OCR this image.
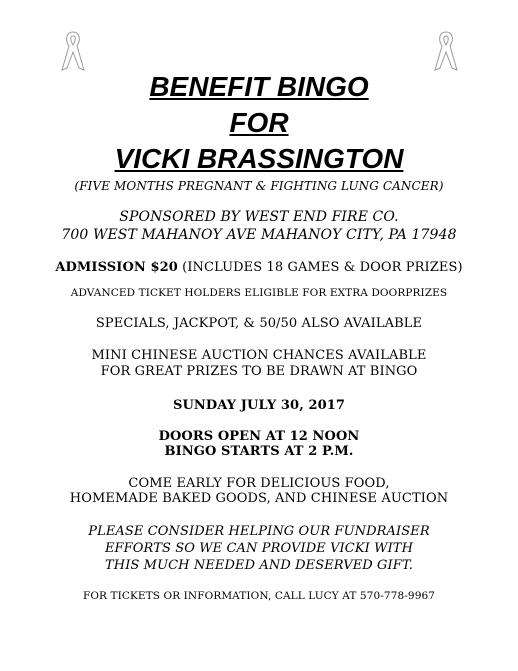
BENEFIT BINGO
FOR
VICKI BRASSINGTON

(FIVE MONTHS PREGNANT & FIGHTING LUNG CANCER)

SPONSORED BY WEST END FIRE CO.

700 WEST MAHANOY AVE MAHANOY CITY, PA 17948

ADMISSION $20 (INCLUDES 18 GAMES & DOOR PRIZES)

ADVANCED TICKET HOLDERS ELIGIBLE FOR EXTRA DOORPRIZES

SPECIALS, JACKPOT, & 50/50 ALSO AVAILABLE

MINI CHINESE AUCTION CHANCES AVAILABLE

FOR GREAT PRIZES TO BE DRAWN AT BINGO

SUNDAY JULY 30, 2017

DOORS OPEN AT 12 NOON

BINGO STARTS AT 2 P.M.

COME EARLY FOR DELICIOUS FOOD,

HOMEMADE BAKED GOODS, AND CHINESE AUCTION

PLEASE CONSIDER HELPING OUR FUNDRAISER

EFFORTS SO WE CAN PROVIDE VICKI WITH

THIS MUCH NEEDED AND DESERVED GIFT.

FOR TICKETS OR INFORMATION, CALL LUCY AT 570-778-9967
